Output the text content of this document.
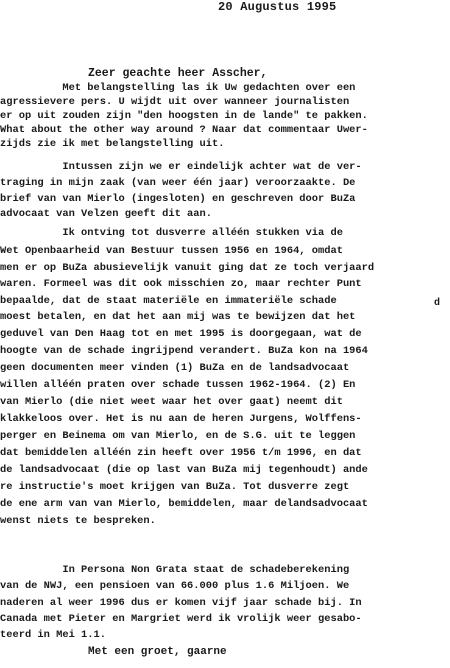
20 Augustus 1995
Zeer geachte heer Asscher,
Met belangstelling las ik Uw gedachten over een
agressievere pers. U wijdt uit over wanneer journalisten
er op uit zouden zijn "den hoogsten in de lande" te pakken.
What about the other way around ? Naar dat commentaar Uwer-
zijds zie ik met belangstelling uit.
Intussen zijn we er eindelijk achter wat de ver-
traging in mijn zaak (van weer één jaar) veroorzaakte. De
brief van van Mierlo (ingesloten) en geschreven door BuZa
advocaat van Velzen geeft dit aan.
Ik ontving tot dusverre alléén stukken via de
Wet Openbaarheid van Bestuur tussen 1956 en 1964, omdat
men er op BuZa abusievelijk vanuit ging dat ze toch verjaard
waren. Formeel was dit ook misschien zo, maar rechter Punt
bepaalde, dat de staat materiële en immateriële schade
moest betalen, en dat het aan mij was te bewijzen dat het
geduvel van Den Haag tot en met 1995 is doorgegaan, wat de
hoogte van de schade ingrijpend verandert. BuZa kon na 1964
geen documenten meer vinden (1) BuZa en de landsadvocaat
willen alléén praten over schade tussen 1962-1964. (2) En
van Mierlo (die niet weet waar het over gaat) neemt dit
klakkeloos over. Het is nu aan de heren Jurgens, Wolffens-
perger en Beinema om van Mierlo, en de S.G. uit te leggen
dat bemiddelen alléén zin heeft over 1956 t/m 1996, en dat
de landsadvocaat (die op last van BuZa mij tegenhoudt) ande
re instructie's moet krijgen van BuZa. Tot dusverre zegt
de ene arm van van Mierlo, bemiddelen, maar delandsadvocaat
wenst niets te bespreken.
In Persona Non Grata staat de schadeberekening
van de NWJ, een pensioen van 66.000 plus 1.6 Miljoen. We
naderen al weer 1996 dus er komen vijf jaar schade bij. In
Canada met Pieter en Margriet werd ik vrolijk weer gesabo-
teerd in Mei 1.1.
d
Met een groet, gaarne
